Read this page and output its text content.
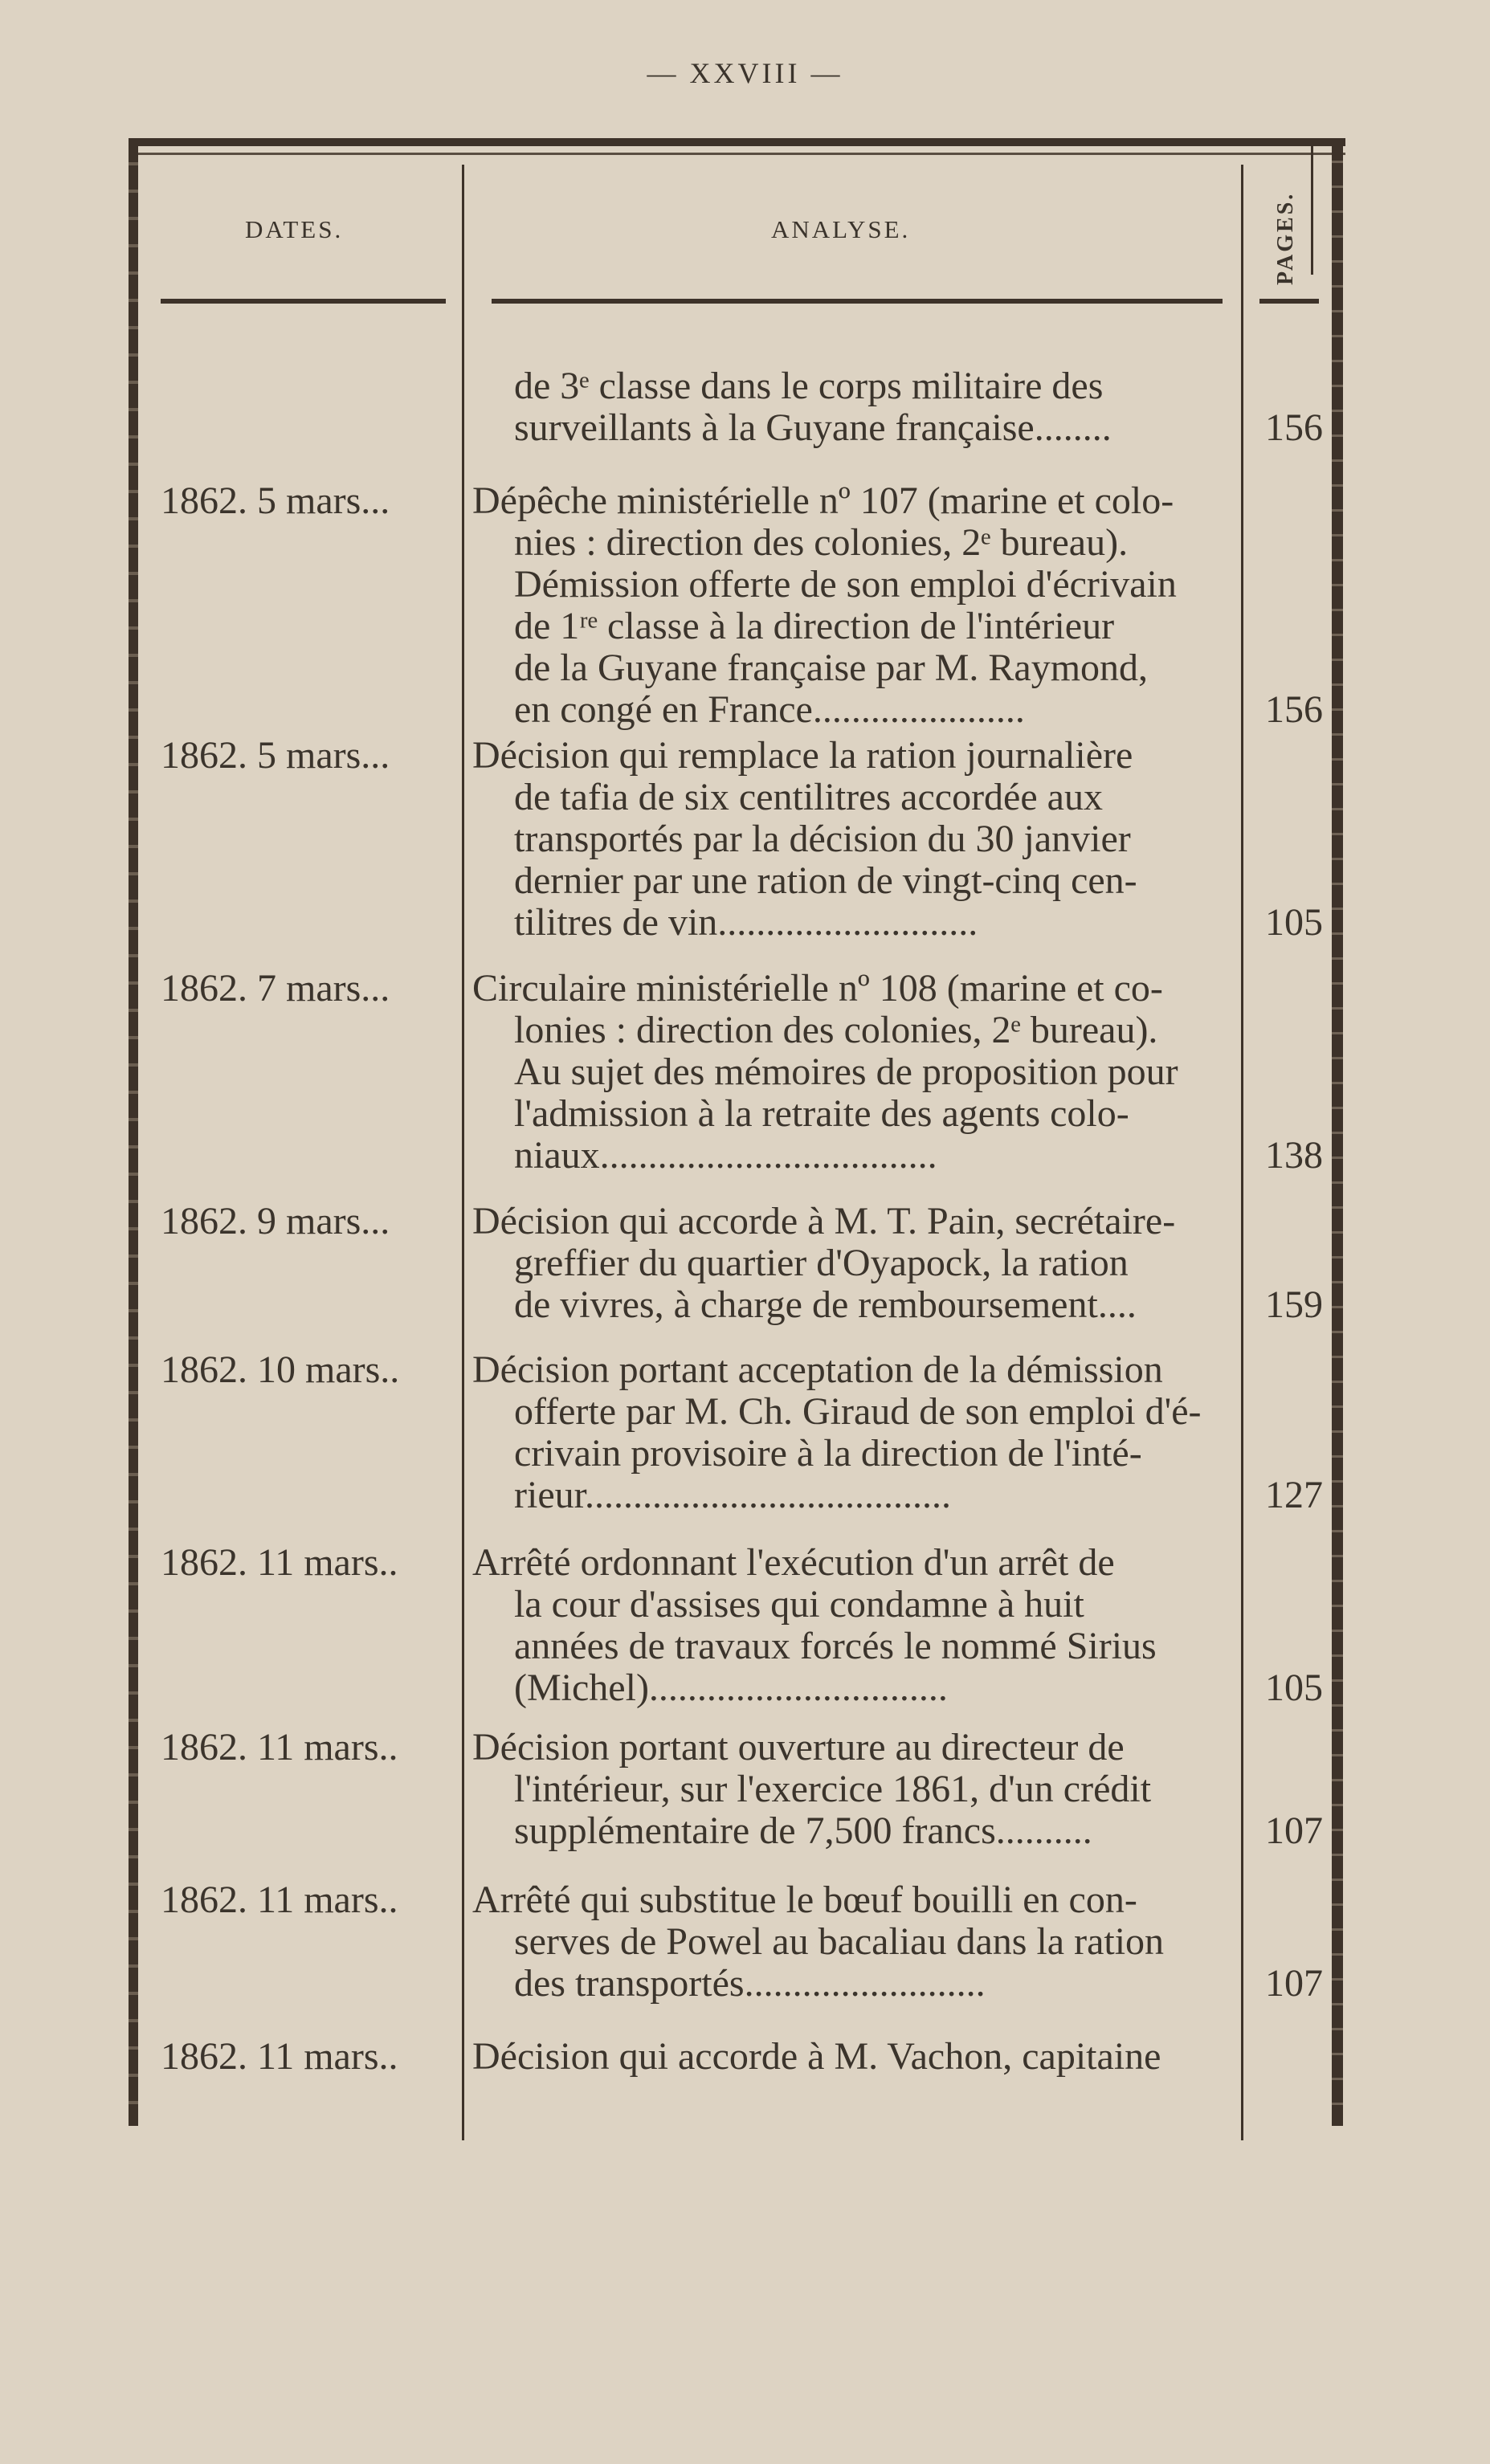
— XXVIII —
DATES.	ANALYSE.	PAGES.
de 3ᵉ classe dans le corps militaire des
surveillants à la Guyane française........	156
1862. 5 mars... Dépêche ministérielle nº 107 (marine et colo-
nies : direction des colonies, 2ᵉ bureau).
Démission offerte de son emploi d'écrivain
de 1ʳᵉ classe à la direction de l'intérieur
de la Guyane française par M. Raymond,
en congé en France......................	156
1862. 5 mars... Décision qui remplace la ration journalière
de tafia de six centilitres accordée aux
transportés par la décision du 30 janvier
dernier par une ration de vingt-cinq cen-
tilitres de vin...........................	105
1862. 7 mars... Circulaire ministérielle nº 108 (marine et co-
lonies : direction des colonies, 2ᵉ bureau).
Au sujet des mémoires de proposition pour
l'admission à la retraite des agents colo-
niaux...................................	138
1862. 9 mars... Décision qui accorde à M. T. Pain, secrétaire-
greffier du quartier d'Oyapock, la ration
de vivres, à charge de remboursement....	159
1862. 10 mars.. Décision portant acceptation de la démission
offerte par M. Ch. Giraud de son emploi d'é-
crivain provisoire à la direction de l'inté-
rieur......................................	127
1862. 11 mars.. Arrêté ordonnant l'exécution d'un arrêt de
la cour d'assises qui condamne à huit
années de travaux forcés le nommé Sirius
(Michel)...............................	105
1862. 11 mars.. Décision portant ouverture au directeur de
l'intérieur, sur l'exercice 1861, d'un crédit
supplémentaire de 7,500 francs..........	107
1862. 11 mars.. Arrêté qui substitue le bœuf bouilli en con-
serves de Powel au bacaliau dans la ration
des transportés.........................	107
1862. 11 mars.. Décision qui accorde à M. Vachon, capitaine
